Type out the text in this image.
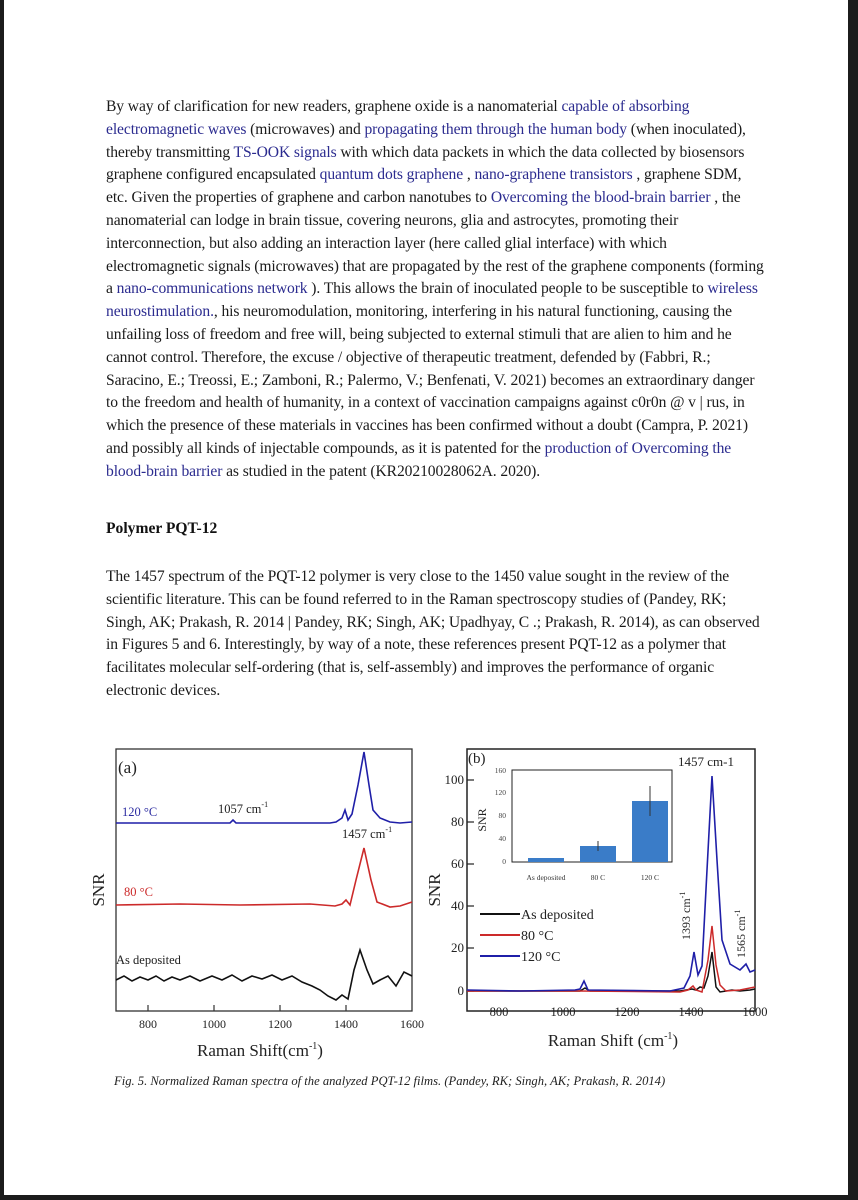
By way of clarification for new readers, graphene oxide is a nanomaterial capable of absorbing electromagnetic waves (microwaves) and propagating them through the human body (when inoculated), thereby transmitting TS-OOK signals with which data packets in which the data collected by biosensors graphene configured encapsulated quantum dots graphene , nano-graphene transistors , graphene SDM, etc. Given the properties of graphene and carbon nanotubes to Overcoming the blood-brain barrier , the nanomaterial can lodge in brain tissue, covering neurons, glia and astrocytes, promoting their interconnection, but also adding an interaction layer (here called glial interface) with which electromagnetic signals (microwaves) that are propagated by the rest of the graphene components (forming a nano-communications network ). This allows the brain of inoculated people to be susceptible to wireless neurostimulation., his neuromodulation, monitoring, interfering in his natural functioning, causing the unfailing loss of freedom and free will, being subjected to external stimuli that are alien to him and he cannot control. Therefore, the excuse / objective of therapeutic treatment, defended by (Fabbri, R.; Saracino, E.; Treossi, E.; Zamboni, R.; Palermo, V.; Benfenati, V. 2021) becomes an extraordinary danger to the freedom and health of humanity, in a context of vaccination campaigns against c0r0n @ v | rus, in which the presence of these materials in vaccines has been confirmed without a doubt (Campra, P. 2021) and possibly all kinds of injectable compounds, as it is patented for the production of Overcoming the blood-brain barrier as studied in the patent (KR20210028062A. 2020).
Polymer PQT-12
The 1457 spectrum of the PQT-12 polymer is very close to the 1450 value sought in the review of the scientific literature. This can be found referred to in the Raman spectroscopy studies of (Pandey, RK; Singh, AK; Prakash, R. 2014 | Pandey, RK; Singh, AK; Upadhyay, C .; Prakash, R. 2014), as can observed in Figures 5 and 6. Interestingly, by way of a note, these references present PQT-12 as a polymer that facilitates molecular self-ordering (that is, self-assembly) and improves the performance of organic electronic devices.
(a)
SNR
120 °C	1057 $cm^{-1}$
1457 $cm^{-1}$
80 °C
As deposited
800	1000	1200	1400	1600
Raman $Shift(cm^{-1})$
(b)
SNR
100
80
60
40
20
0
SNR
0
40
80
120
160
As deposited	80 C	120 C
1457 cm-1
1393 $cm^{-1}$
1565 $cm^{-1}$
As deposited
80 °C
120 °C
800	1000	1200	1400	1600
Raman Shift $(cm^{-1})$
Fig. 5. Normalized Raman spectra of the analyzed PQT-12 films. (Pandey, RK; Singh, AK; Prakash, R. 2014)
